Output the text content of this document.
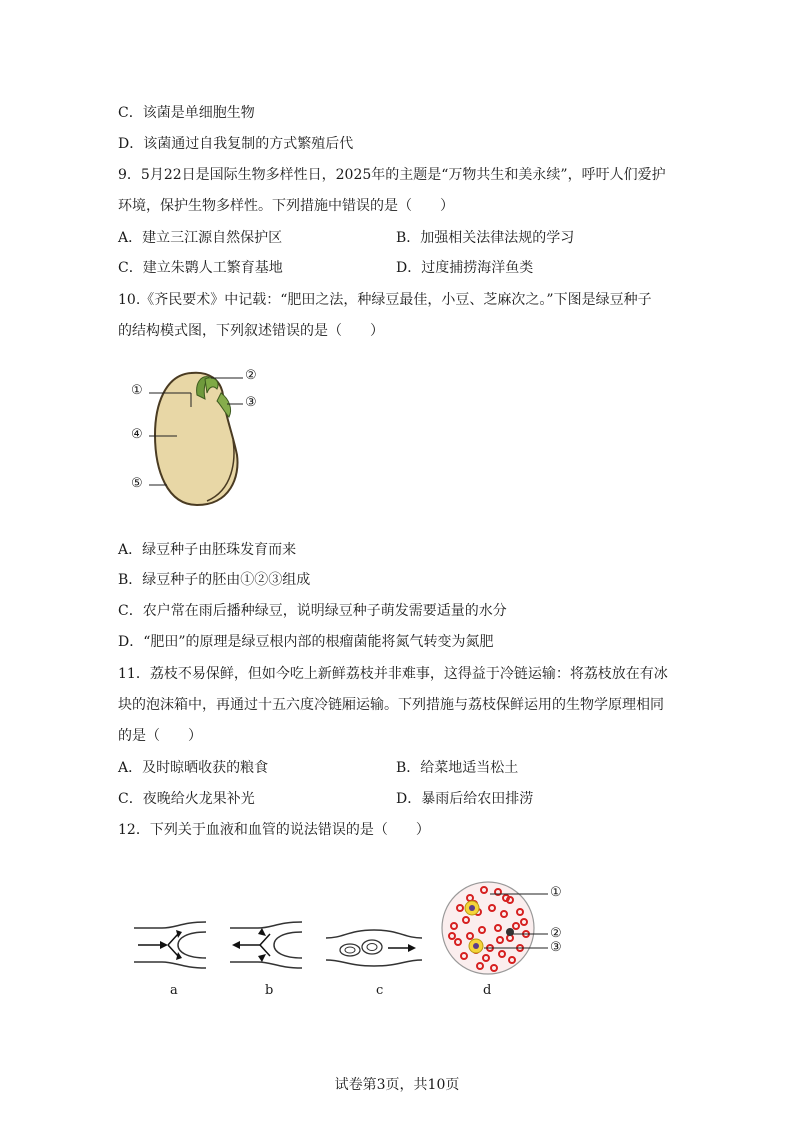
C．该菌是单细胞生物
D．该菌通过自我复制的方式繁殖后代
9．5月22日是国际生物多样性日，2025年的主题是“万物共生和美永续”，呼吁人们爱护
环境，保护生物多样性。下列措施中错误的是（　　）
A．建立三江源自然保护区	B．加强相关法律法规的学习
C．建立朱鹮人工繁育基地	D．过度捕捞海洋鱼类
10.《齐民要术》中记载：“肥田之法，种绿豆最佳，小豆、芝麻次之。”下图是绿豆种子
的结构模式图，下列叙述错误的是（　　）
①
②
③
④
⑤
A．绿豆种子由胚珠发育而来
B．绿豆种子的胚由①②③组成
C．农户常在雨后播种绿豆，说明绿豆种子萌发需要适量的水分
D．“肥田”的原理是绿豆根内部的根瘤菌能将氮气转变为氮肥
11．荔枝不易保鲜，但如今吃上新鲜荔枝并非难事，这得益于冷链运输：将荔枝放在有冰
块的泡沫箱中，再通过十五六度冷链厢运输。下列措施与荔枝保鲜运用的生物学原理相同
的是（　　）
A．及时晾晒收获的粮食	B．给菜地适当松土
C．夜晚给火龙果补光	D．暴雨后给农田排涝
12．下列关于血液和血管的说法错误的是（　　）
①
②
③
a	b	c	d
试卷第3页，共10页
